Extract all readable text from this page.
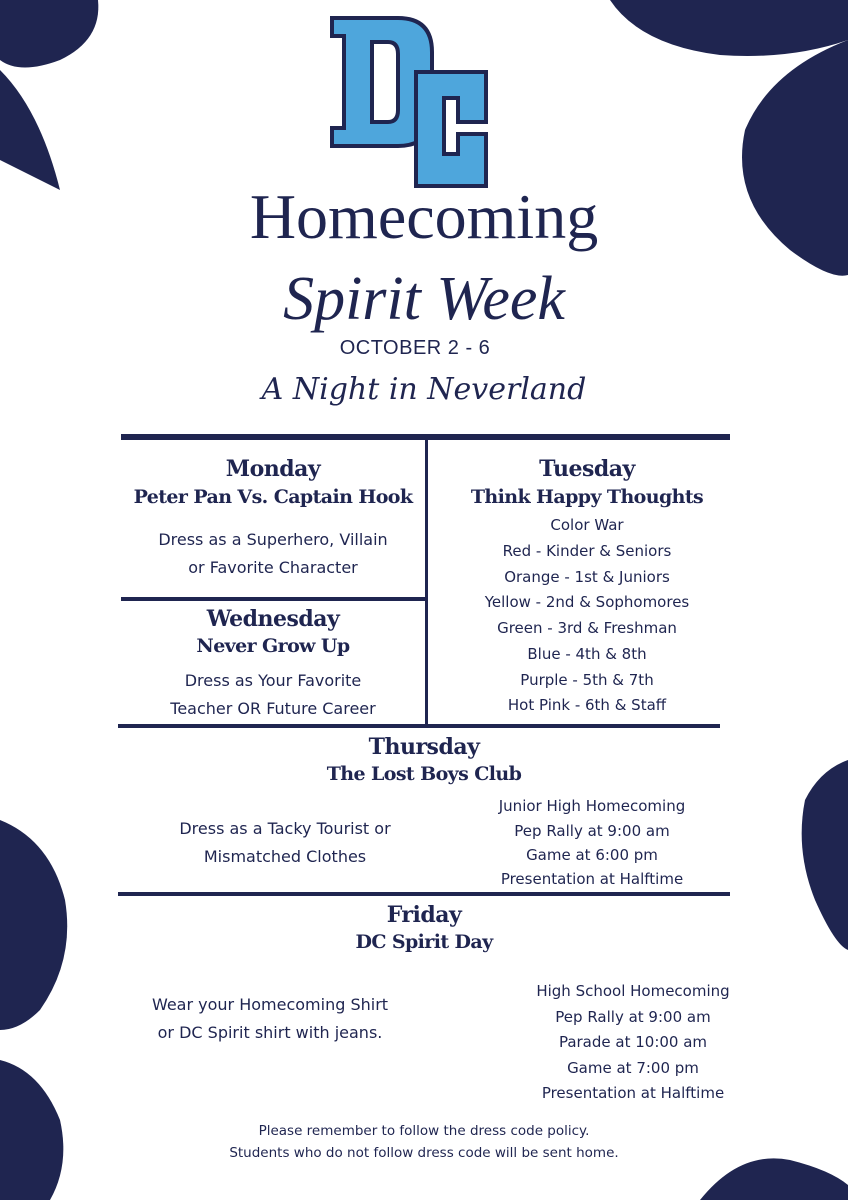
Homecoming
Spirit Week
OCTOBER 2 - 6
A Night in Neverland
Monday
Peter Pan Vs. Captain Hook
Dress as a Superhero, Villain
or Favorite Character
Tuesday
Think Happy Thoughts
Color War
Red - Kinder & Seniors
Orange - 1st & Juniors
Yellow - 2nd & Sophomores
Green - 3rd & Freshman
Blue - 4th & 8th
Purple - 5th & 7th
Hot Pink - 6th & Staff
Wednesday
Never Grow Up
Dress as Your Favorite
Teacher OR Future Career
Thursday
The Lost Boys Club
Dress as a Tacky Tourist or
Mismatched Clothes
Junior High Homecoming
Pep Rally at 9:00 am
Game at 6:00 pm
Presentation at Halftime
Friday
DC Spirit Day
Wear your Homecoming Shirt
or DC Spirit shirt with jeans.
High School Homecoming
Pep Rally at 9:00 am
Parade at 10:00 am
Game at 7:00 pm
Presentation at Halftime
Please remember to follow the dress code policy.
Students who do not follow dress code will be sent home.
